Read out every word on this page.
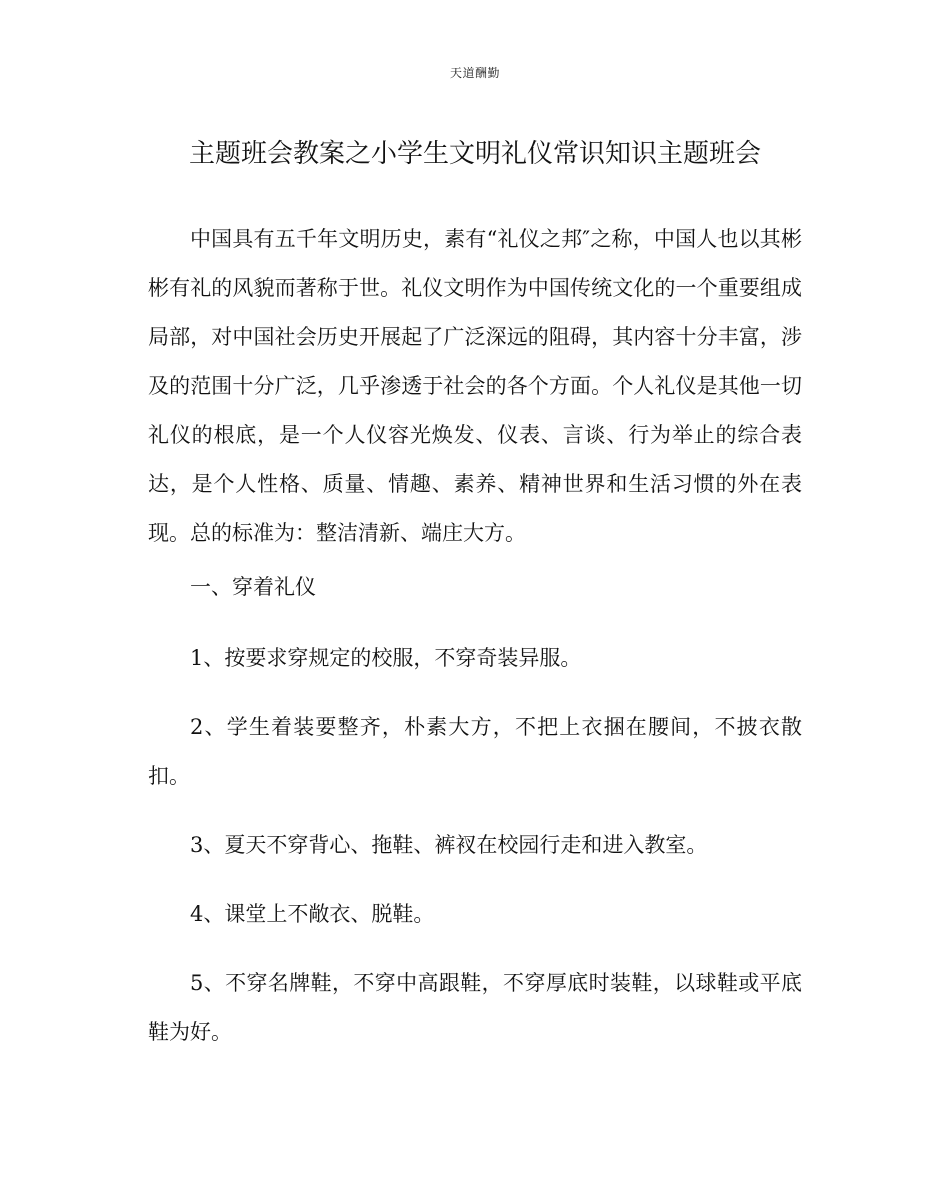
天道酬勤
主题班会教案之小学生文明礼仪常识知识主题班会

中国具有五千年文明历史，素有“礼仪之邦″之称，中国人也以其彬彬有礼的风貌而著称于世。礼仪文明作为中国传统文化的一个重要组成局部，对中国社会历史开展起了广泛深远的阻碍，其内容十分丰富，涉及的范围十分广泛，几乎渗透于社会的各个方面。个人礼仪是其他一切礼仪的根底，是一个人仪容光焕发、仪表、言谈、行为举止的综合表达，是个人性格、质量、情趣、素养、精神世界和生活习惯的外在表现。总的标准为：整洁清新、端庄大方。

一、穿着礼仪

1、按要求穿规定的校服，不穿奇装异服。

2、学生着装要整齐，朴素大方，不把上衣捆在腰间，不披衣散扣。

3、夏天不穿背心、拖鞋、裤衩在校园行走和进入教室。

4、课堂上不敞衣、脱鞋。

5、不穿名牌鞋，不穿中高跟鞋，不穿厚底时装鞋，以球鞋或平底鞋为好。
